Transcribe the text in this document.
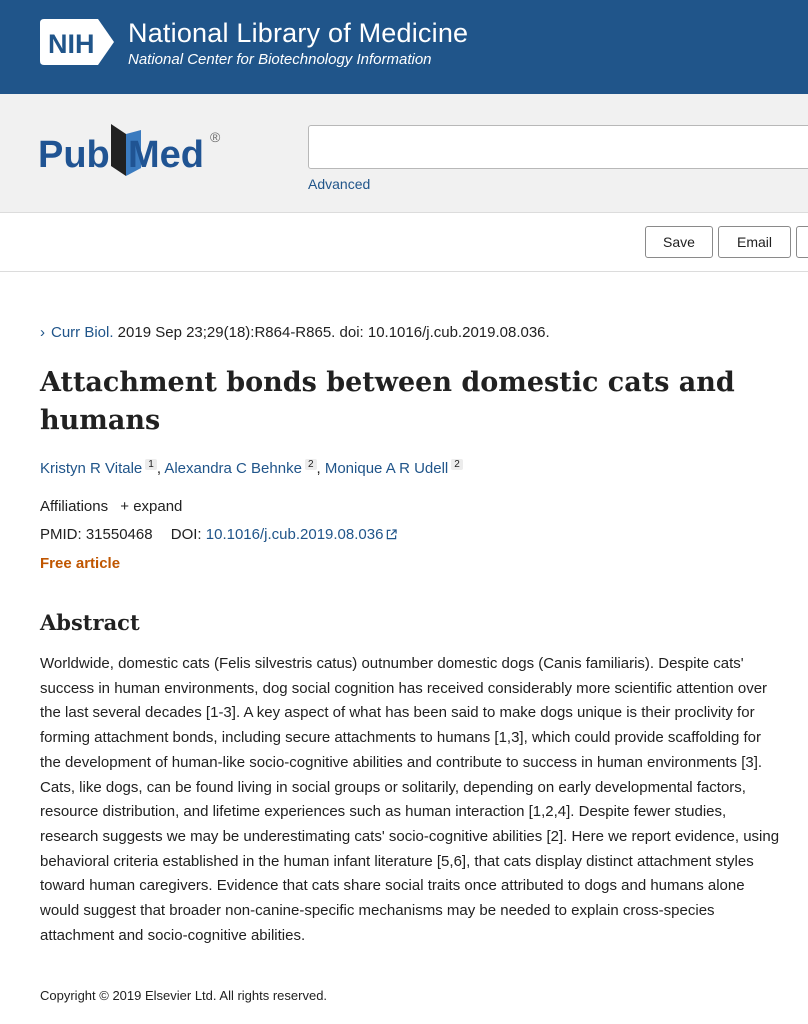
NIH National Library of Medicine
National Center for Biotechnology Information
Pub Med ®
Advanced
Save	Email
› Curr Biol. 2019 Sep 23;29(18):R864-R865. doi: 10.1016/j.cub.2019.08.036.
Attachment bonds between domestic cats and humans
Kristyn R Vitale $^1$ , Alexandra C Behnke $^2$ , Monique A R Udell $^2$
Affiliations + expand
PMID: 31550468 DOI: 10.1016/j.cub.2019.08.036
Free article
Abstract

Worldwide, domestic cats (Felis silvestris catus) outnumber domestic dogs (Canis familiaris). Despite cats' success in human environments, dog social cognition has received considerably more scientific attention over the last several decades [1-3]. A key aspect of what has been said to make dogs unique is their proclivity for forming attachment bonds, including secure attachments to humans [1,3], which could provide scaffolding for the development of human-like socio-cognitive abilities and contribute to success in human environments [3]. Cats, like dogs, can be found living in social groups or solitarily, depending on early developmental factors, resource distribution, and lifetime experiences such as human interaction [1,2,4]. Despite fewer studies, research suggests we may be underestimating cats' socio-cognitive abilities [2]. Here we report evidence, using behavioral criteria established in the human infant literature [5,6], that cats display distinct attachment styles toward human caregivers. Evidence that cats share social traits once attributed to dogs and humans alone would suggest that broader non-canine-specific mechanisms may be needed to explain cross-species attachment and socio-cognitive abilities.

Copyright © 2019 Elsevier Ltd. All rights reserved.
